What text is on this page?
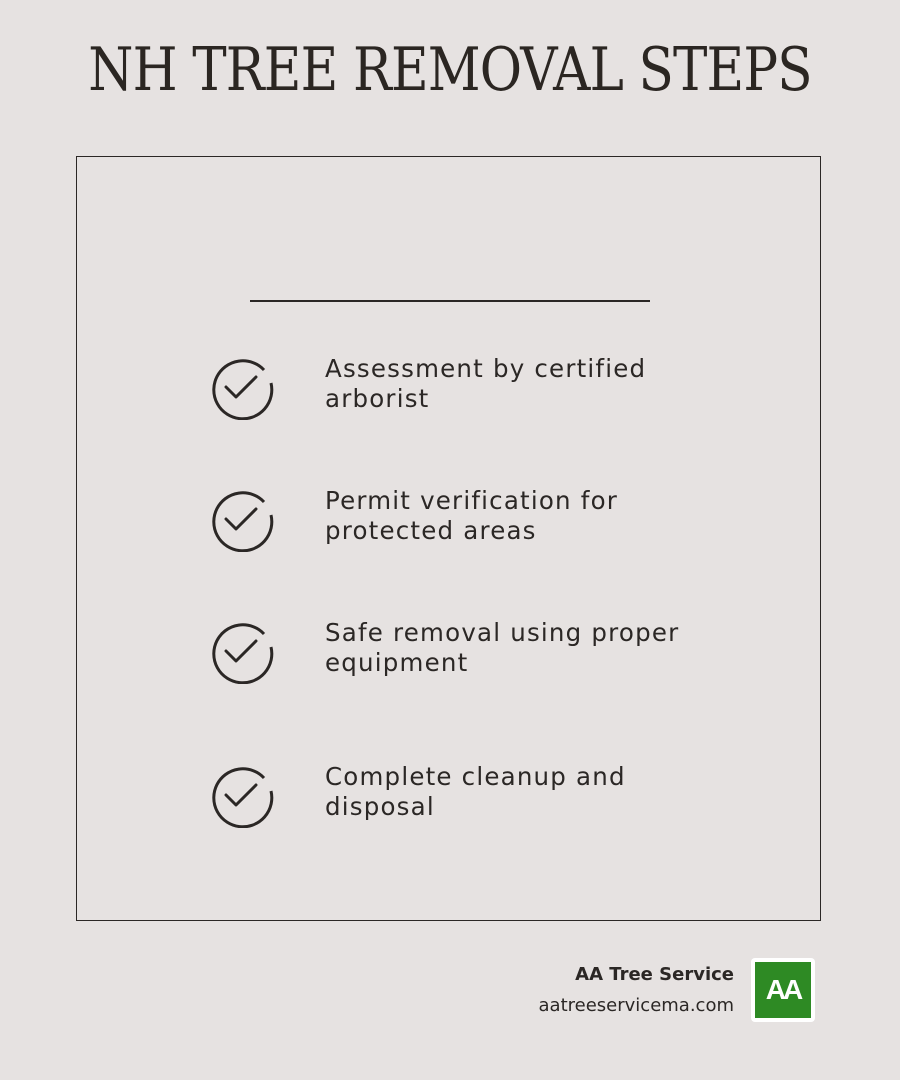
NH TREE REMOVAL STEPS
Assessment by certified arborist
Permit verification for protected areas
Safe removal using proper equipment
Complete cleanup and disposal
AA Tree Service
aatreeservicema.com
AA
